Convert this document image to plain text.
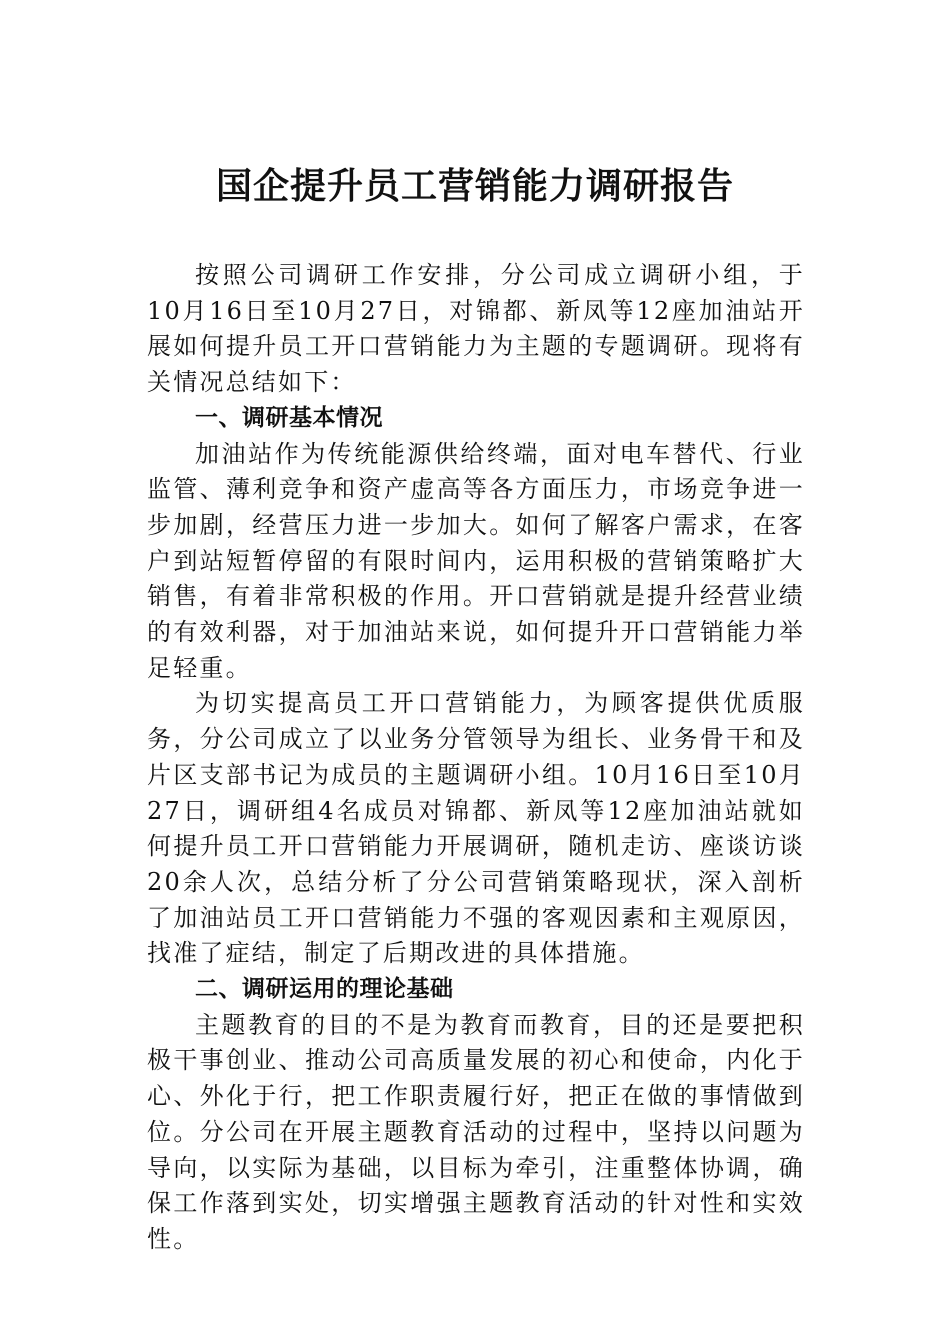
国企提升员工营销能力调研报告

按照公司调研工作安排，分公司成立调研小组，于10月16日至10月27日，对锦都、新凤等12座加油站开展如何提升员工开口营销能力为主题的专题调研。现将有关情况总结如下：

一、调研基本情况

加油站作为传统能源供给终端，面对电车替代、行业监管、薄利竞争和资产虚高等各方面压力，市场竞争进一步加剧，经营压力进一步加大。如何了解客户需求，在客户到站短暂停留的有限时间内，运用积极的营销策略扩大销售，有着非常积极的作用。开口营销就是提升经营业绩的有效利器，对于加油站来说，如何提升开口营销能力举足轻重。

为切实提高员工开口营销能力，为顾客提供优质服务，分公司成立了以业务分管领导为组长、业务骨干和及片区支部书记为成员的主题调研小组。10月16日至10月27日，调研组4名成员对锦都、新凤等12座加油站就如何提升员工开口营销能力开展调研，随机走访、座谈访谈20余人次，总结分析了分公司营销策略现状，深入剖析了加油站员工开口营销能力不强的客观因素和主观原因，找准了症结，制定了后期改进的具体措施。

二、调研运用的理论基础

主题教育的目的不是为教育而教育，目的还是要把积极干事创业、推动公司高质量发展的初心和使命，内化于心、外化于行，把工作职责履行好，把正在做的事情做到位。分公司在开展主题教育活动的过程中，坚持以问题为导向，以实际为基础，以目标为牵引，注重整体协调，确保工作落到实处，切实增强主题教育活动的针对性和实效性。
